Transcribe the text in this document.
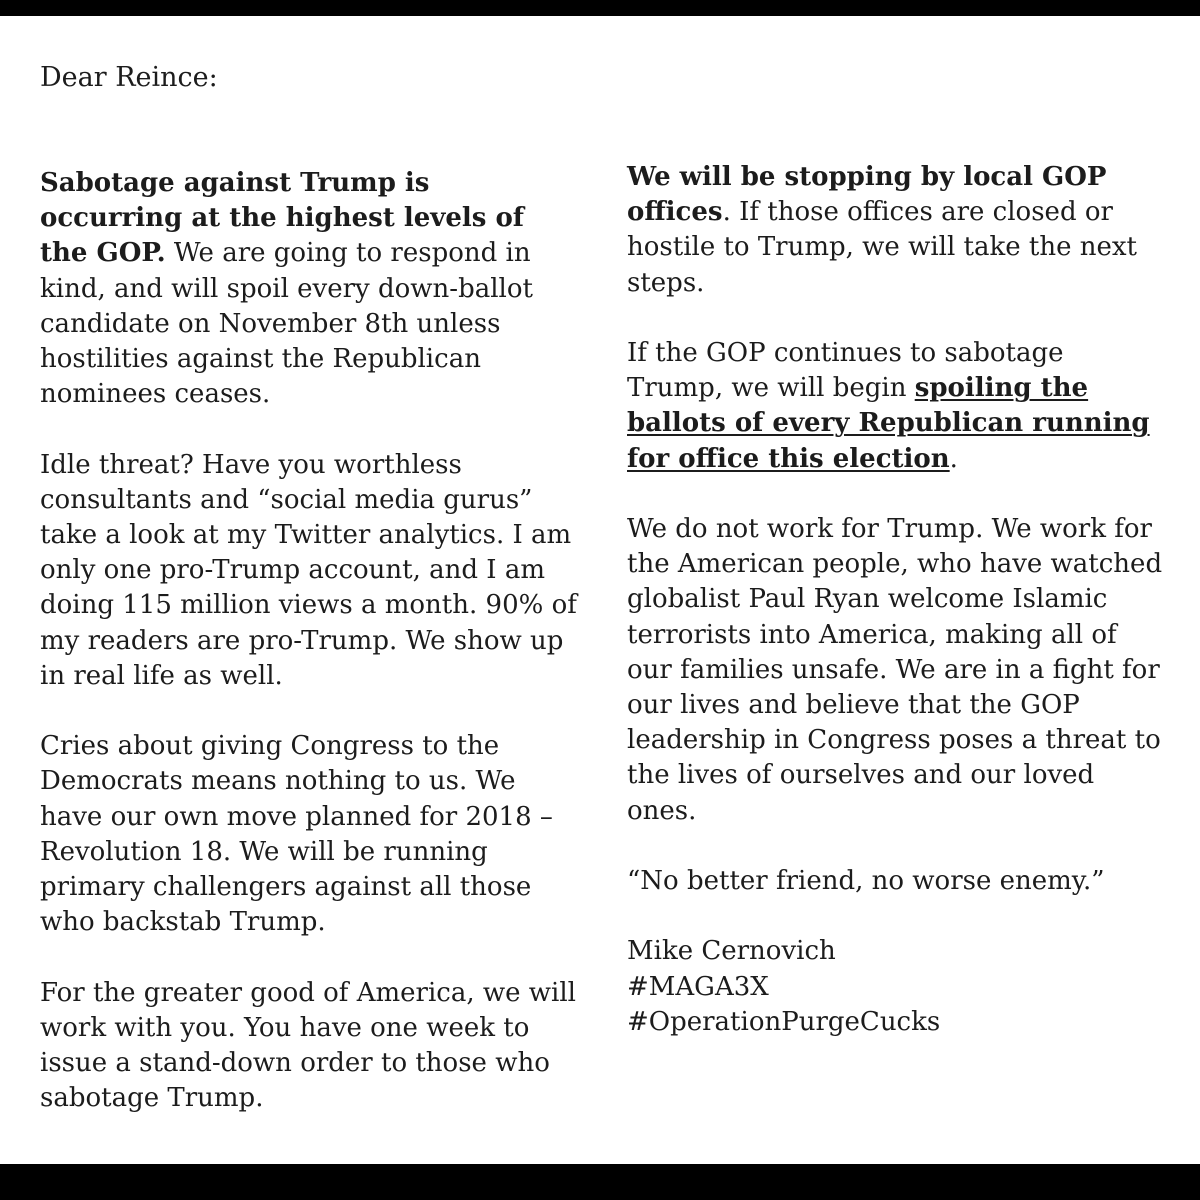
Dear Reince:

Sabotage against Trump is occurring at the highest levels of the GOP. We are going to respond in kind, and will spoil every down-ballot candidate on November 8th unless hostilities against the Republican nominees ceases.

Idle threat? Have you worthless consultants and “social media gurus” take a look at my Twitter analytics. I am only one pro-Trump account, and I am doing 115 million views a month. 90% of my readers are pro-Trump. We show up in real life as well.

Cries about giving Congress to the Democrats means nothing to us. We have our own move planned for 2018 –Revolution 18. We will be running primary challengers against all those who backstab Trump.

For the greater good of America, we will work with you. You have one week to issue a stand-down order to those who sabotage Trump.

We will be stopping by local GOP offices. If those offices are closed or hostile to Trump, we will take the next steps.

If the GOP continues to sabotage Trump, we will begin spoiling the ballots of every Republican running for office this election.

We do not work for Trump. We work for the American people, who have watched globalist Paul Ryan welcome Islamic terrorists into America, making all of our families unsafe. We are in a fight for our lives and believe that the GOP leadership in Congress poses a threat to the lives of ourselves and our loved ones.

“No better friend, no worse enemy.”

Mike Cernovich

#MAGA3X

#OperationPurgeCucks
